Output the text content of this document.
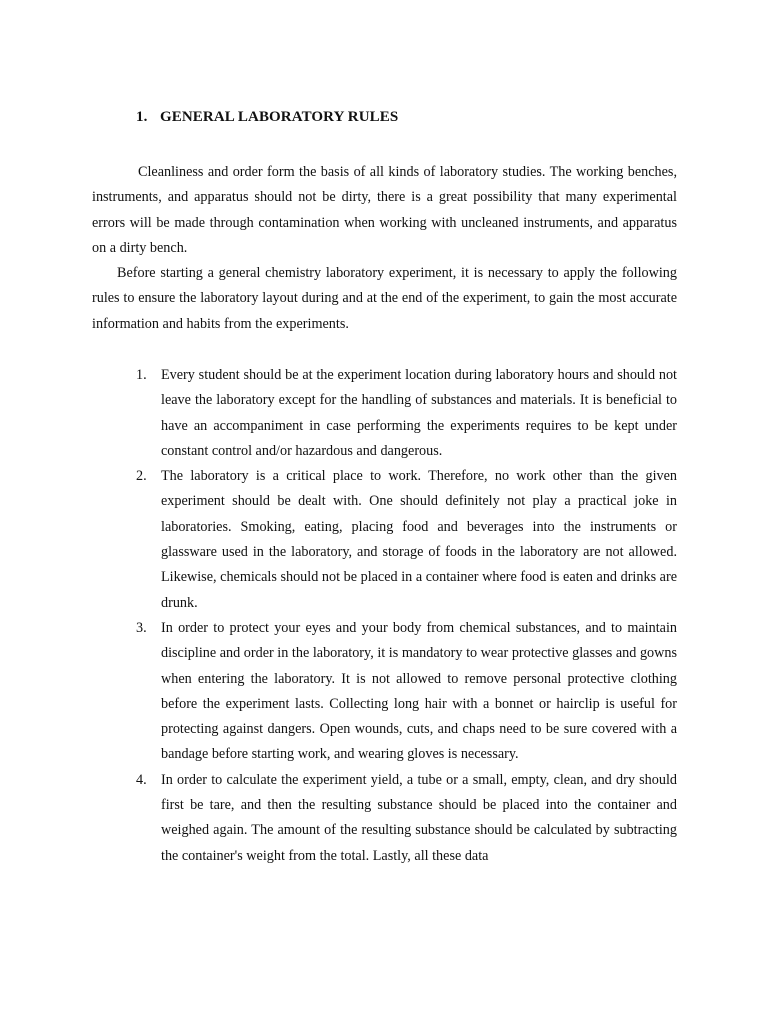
1. GENERAL LABORATORY RULES

Cleanliness and order form the basis of all kinds of laboratory studies. The working benches, instruments, and apparatus should not be dirty, there is a great possibility that many experimental errors will be made through contamination when working with uncleaned instruments, and apparatus on a dirty bench.

Before starting a general chemistry laboratory experiment, it is necessary to apply the following rules to ensure the laboratory layout during and at the end of the experiment, to gain the most accurate information and habits from the experiments.

1. Every student should be at the experiment location during laboratory hours and should not leave the laboratory except for the handling of substances and materials. It is beneficial to have an accompaniment in case performing the experiments requires to be kept under constant control and/or hazardous and dangerous.
2. The laboratory is a critical place to work. Therefore, no work other than the given experiment should be dealt with. One should definitely not play a practical joke in laboratories. Smoking, eating, placing food and beverages into the instruments or glassware used in the laboratory, and storage of foods in the laboratory are not allowed. Likewise, chemicals should not be placed in a container where food is eaten and drinks are drunk.
3. In order to protect your eyes and your body from chemical substances, and to maintain discipline and order in the laboratory, it is mandatory to wear protective glasses and gowns when entering the laboratory. It is not allowed to remove personal protective clothing before the experiment lasts. Collecting long hair with a bonnet or hairclip is useful for protecting against dangers. Open wounds, cuts, and chaps need to be sure covered with a bandage before starting work, and wearing gloves is necessary.
4. In order to calculate the experiment yield, a tube or a small, empty, clean, and dry should first be tare, and then the resulting substance should be placed into the container and weighed again. The amount of the resulting substance should be calculated by subtracting the container's weight from the total. Lastly, all these data
